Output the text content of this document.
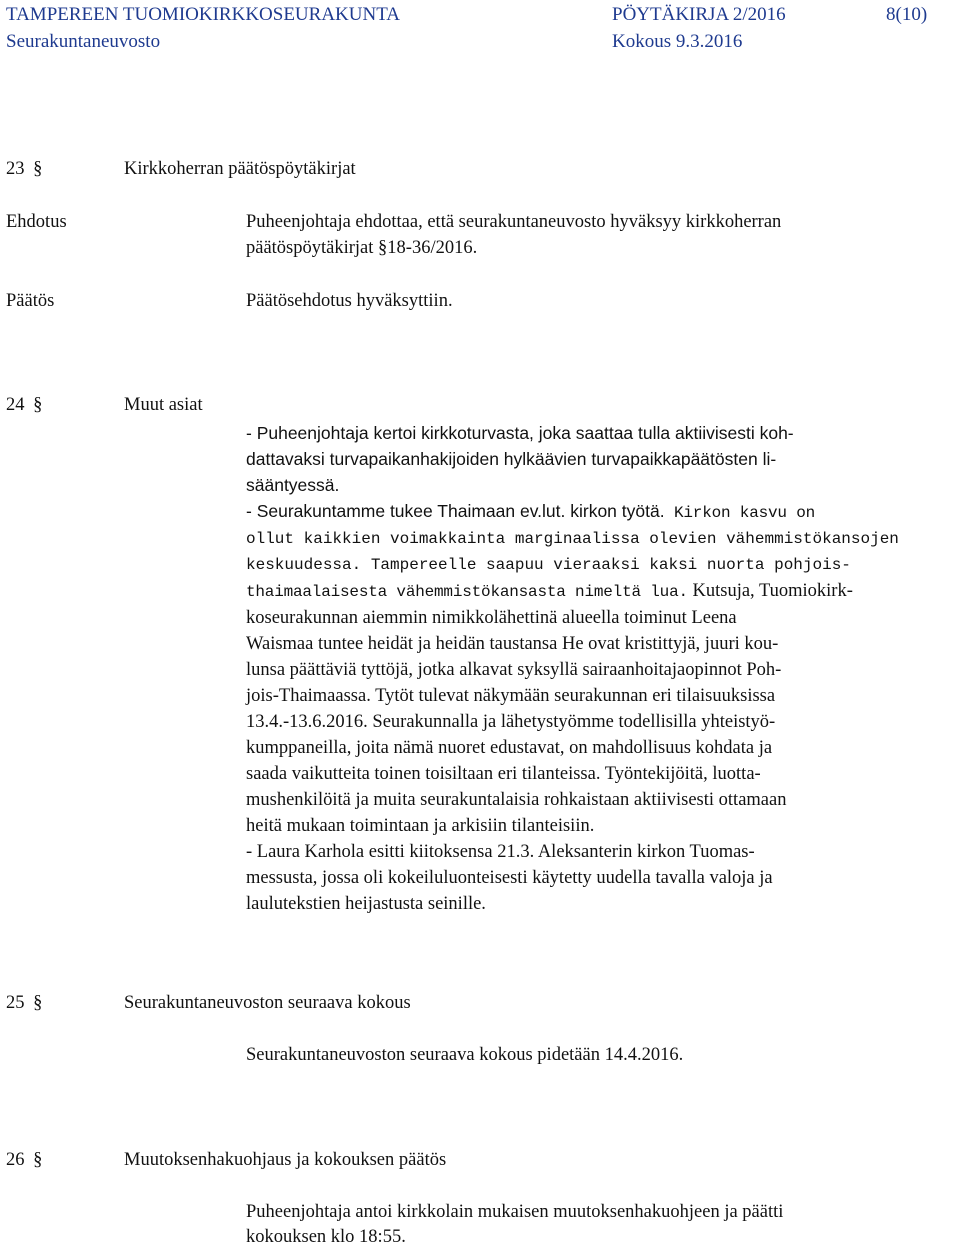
TAMPEREEN TUOMIOKIRKKOSEURAKUNTA	PÖYTÄKIRJA 2/2016	8(10)
Seurakuntaneuvosto	Kokous 9.3.2016
23 §	Kirkkoherran päätöspöytäkirjat
Ehdotus	Puheenjohtaja ehdottaa, että seurakuntaneuvosto hyväksyy kirkkoherran
päätöspöytäkirjat §18-36/2016.
Päätös	Päätösehdotus hyväksyttiin.
24 §	Muut asiat
- Puheenjohtaja kertoi kirkkoturvasta, joka saattaa tulla aktiivisesti koh-
dattavaksi turvapaikanhakijoiden hylkäävien turvapaikkapäätösten li-
sääntyessä.
- Seurakuntamme tukee Thaimaan ev.lut. kirkon työtä. Kirkon kasvu on
ollut kaikkien voimakkainta marginaalissa olevien vähemmistökansojen
keskuudessa. Tampereelle saapuu vieraaksi kaksi nuorta pohjois-
thaimaalaisesta vähemmistökansasta nimeltä lua. Kutsuja, Tuomiokirk-
koseurakunnan aiemmin nimikkolähettinä alueella toiminut Leena
Waismaa tuntee heidät ja heidän taustansa He ovat kristittyjä, juuri kou-
lunsa päättäviä tyttöjä, jotka alkavat syksyllä sairaanhoitajaopinnot Poh-
jois-Thaimaassa. Tytöt tulevat näkymään seurakunnan eri tilaisuuksissa
13.4.-13.6.2016. Seurakunnalla ja lähetystyömme todellisilla yhteistyö-
kumppaneilla, joita nämä nuoret edustavat, on mahdollisuus kohdata ja
saada vaikutteita toinen toisiltaan eri tilanteissa. Työntekijöitä, luotta-
mushenkilöitä ja muita seurakuntalaisia rohkaistaan aktiivisesti ottamaan
heitä mukaan toimintaan ja arkisiin tilanteisiin.
- Laura Karhola esitti kiitoksensa 21.3. Aleksanterin kirkon Tuomas-
messusta, jossa oli kokeiluluonteisesti käytetty uudella tavalla valoja ja
laulutekstien heijastusta seinille.
25 §	Seurakuntaneuvoston seuraava kokous
Seurakuntaneuvoston seuraava kokous pidetään 14.4.2016.
26 §	Muutoksenhakuohjaus ja kokouksen päätös
Puheenjohtaja antoi kirkkolain mukaisen muutoksenhakuohjeen ja päätti
kokouksen klo 18:55.
